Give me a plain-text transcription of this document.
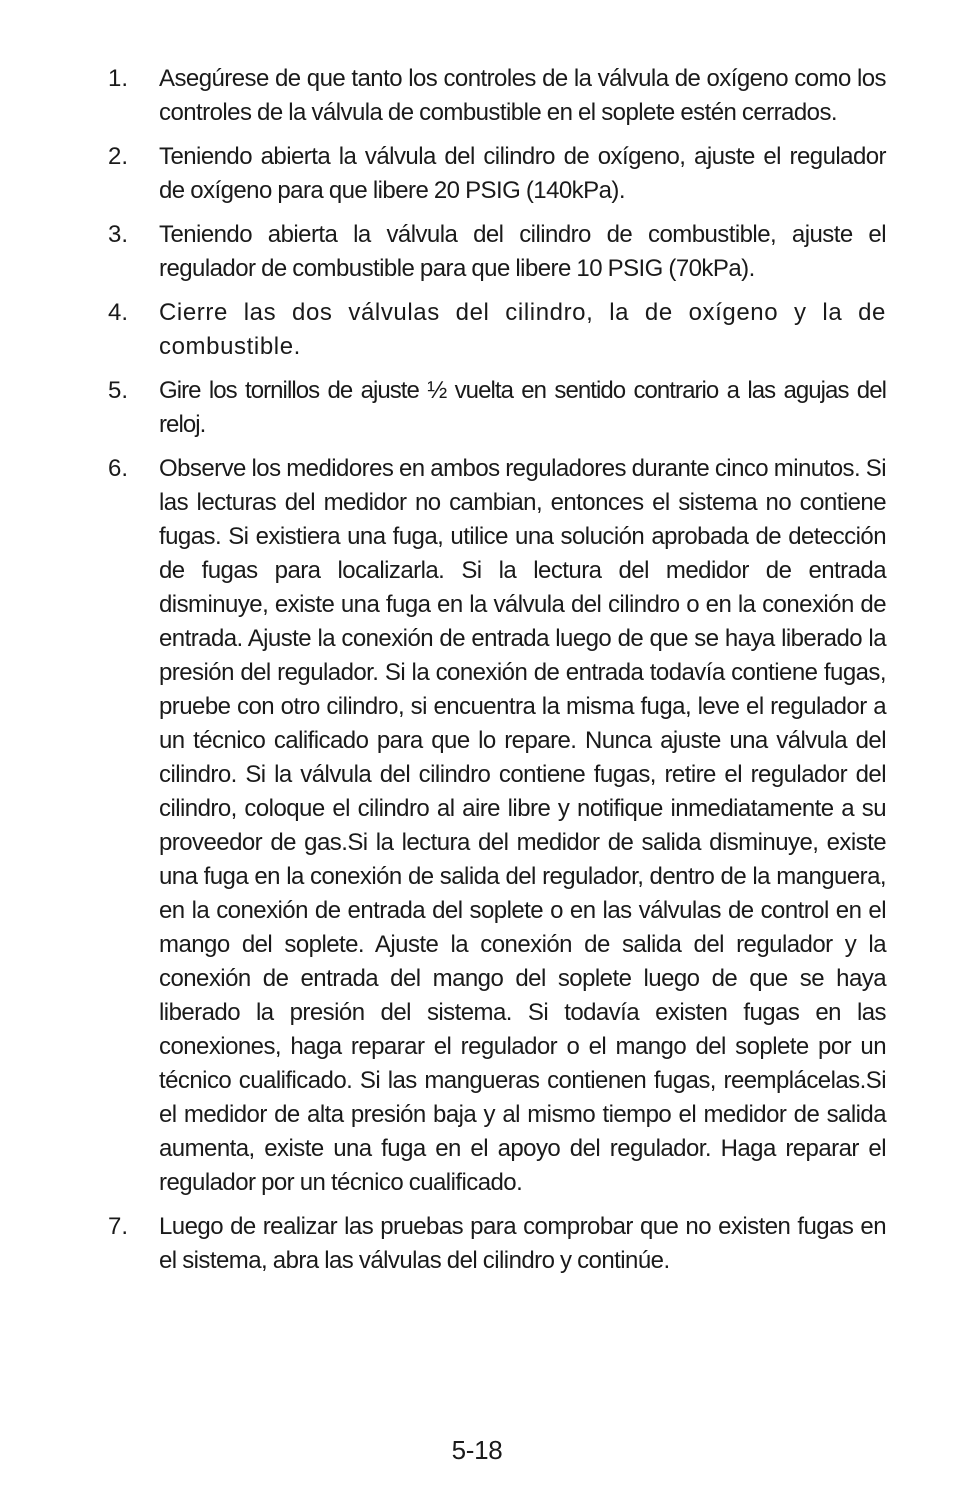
1.	Asegúrese de que tanto los controles de la válvula de oxígeno como los controles de la válvula de combustible en el soplete estén cerrados.
2.	Teniendo abierta la válvula del cilindro de oxígeno, ajuste el regulador de oxígeno para que libere 20 PSIG (140kPa).
3.	Teniendo abierta la válvula del cilindro de combustible, ajuste el regulador de combustible para que libere 10 PSIG (70kPa).
4.	Cierre las dos válvulas del cilindro, la de oxígeno y la de combustible.
5.	Gire los tornillos de ajuste ½ vuelta en sentido contrario a las agujas del reloj.
6.	Observe los medidores en ambos reguladores durante cinco minutos. Si las lecturas del medidor no cambian, entonces el sistema no contiene fugas. Si existiera una fuga, utilice una solución aprobada de detección de fugas para localizarla. Si la lectura del medidor de entrada disminuye, existe una fuga en la válvula del cilindro o en la conexión de entrada. Ajuste la conexión de entrada luego de que se haya liberado la presión del regulador. Si la conexión de entrada todavía contiene fugas, pruebe con otro cilindro, si encuentra la misma fuga, leve el regulador a un técnico calificado para que lo repare. Nunca ajuste una válvula del cilindro. Si la válvula del cilindro contiene fugas, retire el regulador del cilindro, coloque el cilindro al aire libre y notifique inmediatamente a su proveedor de gas.Si la lectura del medidor de salida disminuye, existe una fuga en la conexión de salida del regulador, dentro de la manguera, en la conexión de entrada del soplete o en las válvulas de control en el mango del soplete. Ajuste la conexión de salida del regulador y la conexión de entrada del mango del soplete luego de que se haya liberado la presión del sistema. Si todavía existen fugas en las conexiones, haga reparar el regulador o el mango del soplete por un técnico cualificado. Si las mangueras contienen fugas, reemplácelas.Si el medidor de alta presión baja y al mismo tiempo el medidor de salida aumenta, existe una fuga en el apoyo del regulador. Haga reparar el regulador por un técnico cualificado.
7.	Luego de realizar las pruebas para comprobar que no existen fugas en el sistema, abra las válvulas del cilindro y continúe.
5-18
